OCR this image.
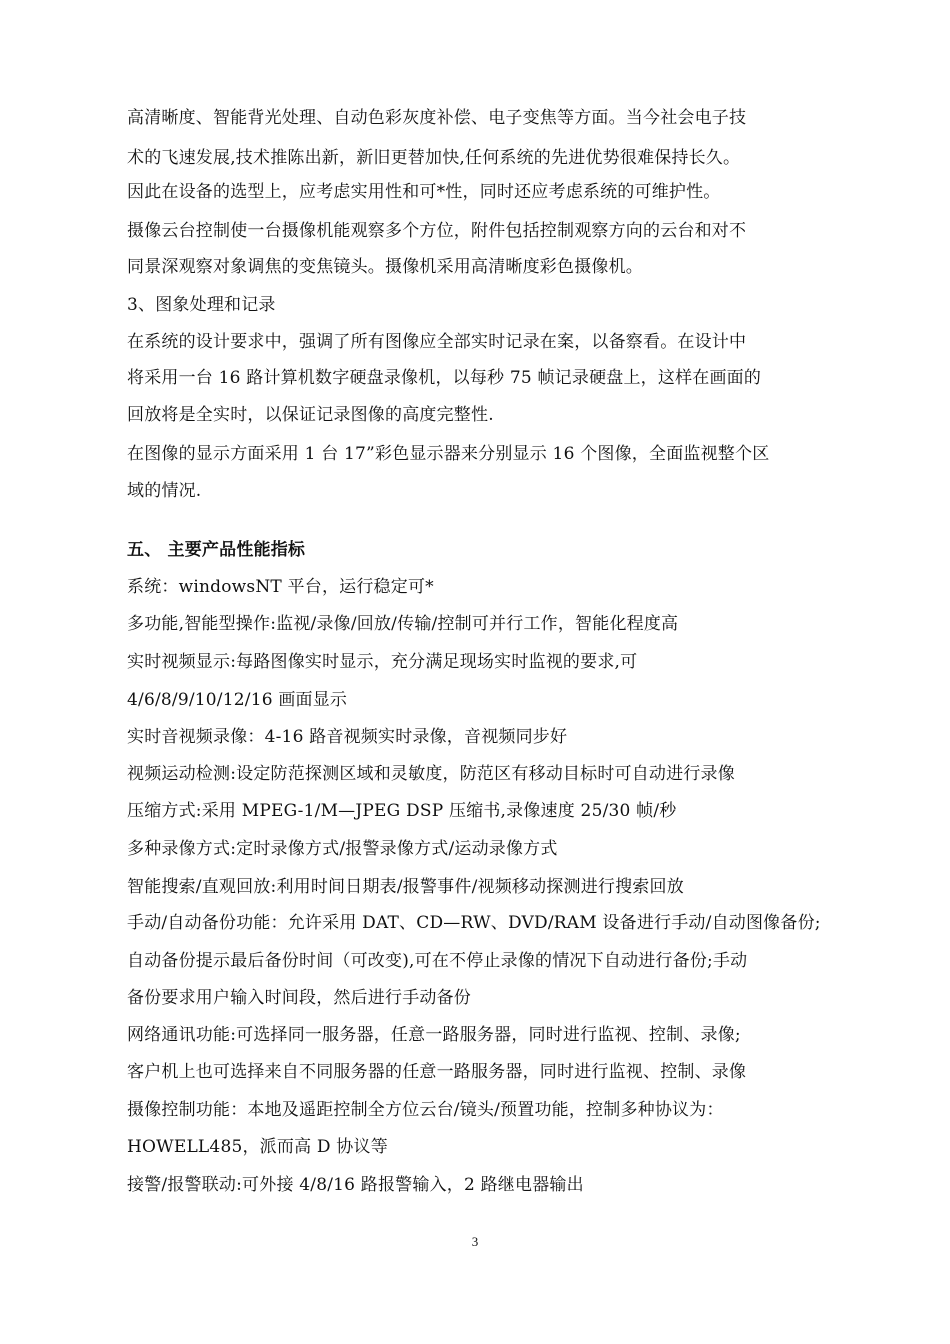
高清晰度、智能背光处理、自动色彩灰度补偿、电子变焦等方面。当今社会电子技
术的飞速发展,技术推陈出新，新旧更替加快,任何系统的先进优势很难保持长久。
因此在设备的选型上，应考虑实用性和可*性，同时还应考虑系统的可维护性。
摄像云台控制使一台摄像机能观察多个方位，附件包括控制观察方向的云台和对不
同景深观察对象调焦的变焦镜头。摄像机采用高清晰度彩色摄像机。
3、图象处理和记录
在系统的设计要求中，强调了所有图像应全部实时记录在案，以备察看。在设计中
将采用一台 16 路计算机数字硬盘录像机，以每秒 75 帧记录硬盘上，这样在画面的
回放将是全实时，以保证记录图像的高度完整性.
在图像的显示方面采用 1 台 17”彩色显示器来分别显示 16 个图像，全面监视整个区
域的情况.
五、 主要产品性能指标
系统：windowsNT 平台，运行稳定可*
多功能,智能型操作:监视/录像/回放/传输/控制可并行工作，智能化程度高
实时视频显示:每路图像实时显示，充分满足现场实时监视的要求,可
4/6/8/9/10/12/16 画面显示
实时音视频录像：4-16 路音视频实时录像，音视频同步好
视频运动检测:设定防范探测区域和灵敏度，防范区有移动目标时可自动进行录像
压缩方式:采用 MPEG-1/M—JPEG DSP 压缩书,录像速度 25/30 帧/秒
多种录像方式:定时录像方式/报警录像方式/运动录像方式
智能搜索/直观回放:利用时间日期表/报警事件/视频移动探测进行搜索回放
手动/自动备份功能：允许采用 DAT、CD—RW、DVD/RAM 设备进行手动/自动图像备份;
自动备份提示最后备份时间（可改变),可在不停止录像的情况下自动进行备份;手动
备份要求用户输入时间段，然后进行手动备份
网络通讯功能:可选择同一服务器，任意一路服务器，同时进行监视、控制、录像;
客户机上也可选择来自不同服务器的任意一路服务器，同时进行监视、控制、录像
摄像控制功能：本地及遥距控制全方位云台/镜头/预置功能，控制多种协议为：
HOWELL485，派而高 D 协议等
接警/报警联动:可外接 4/8/16 路报警输入，2 路继电器输出
3
